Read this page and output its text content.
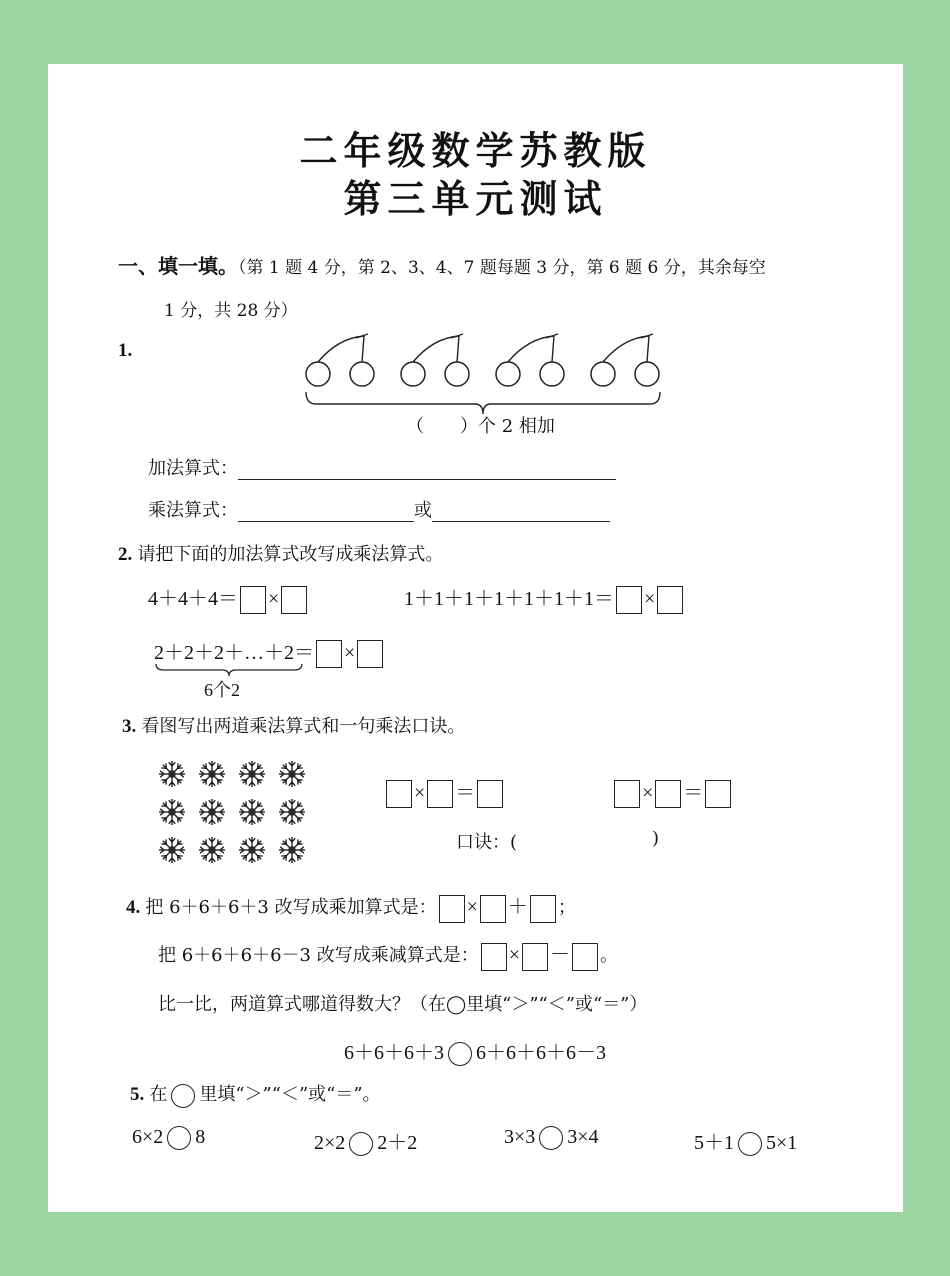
二年级数学苏教版
第三单元测试
一、填一填。（第 1 题 4 分，第 2、3、4、7 题每题 3 分，第 6 题 6 分，其余每空
1 分，共 28 分）
1.
（　　）个 2 相加
加法算式：
乘法算式：	或
2. 请把下面的加法算式改写成乘法算式。
4＋4＋4＝ ×	1＋1＋1＋1＋1＋1＋1＝ ×
2＋2＋2＋…＋2＝ ×
6个2
3. 看图写出两道乘法算式和一句乘法口诀。
× ＝	× ＝
口诀：(	)
4. 把 6＋6＋6＋3 改写成乘加算式是： × ＋ ；
把 6＋6＋6＋6－3 改写成乘减算式是： × － 。
比一比，两道算式哪道得数大？（在◯里填“＞”“＜”或“＝”）
6＋6＋6＋3 6＋6＋6＋6－3
5. 在 里填“＞”“＜”或“＝”。
6×2 8	2×2 2＋2	3×3 3×4	5＋1 5×1
